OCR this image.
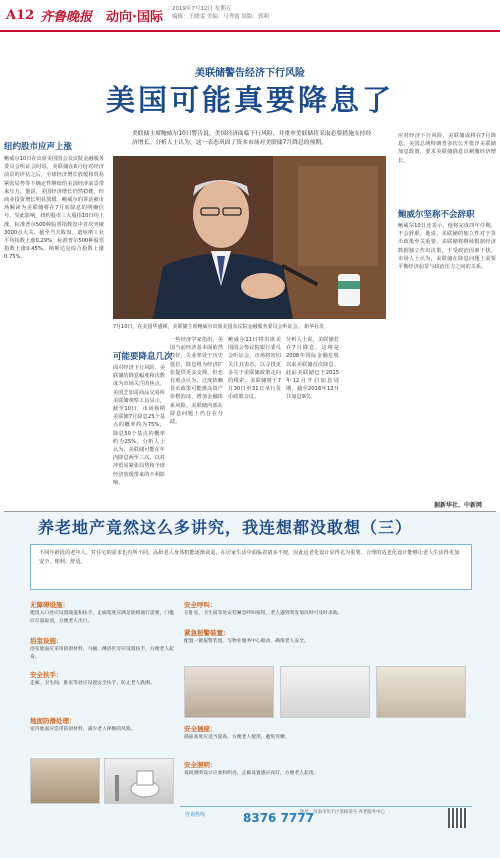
A12 齐鲁晚报 动向·国际
2019年7月12日 星期五
编辑：王晓雯 美编：马秀霞 组版：郭莉
美联储警告经济下行风险
美国可能真要降息了
美联储主席鲍威尔10日警告说，美国经济面临下行风险，并重申美联储将采取必要措施支持经济增长。分析人士认为，这一表态巩固了资本市场对美联储7月降息的预期。
纽约股市应声上涨
鲍威尔10日在出席美国国会众议院金融服务委员会听证会时说，美联储在6月份对经济前景的评估之后，全球经济增长放缓和贸易紧张局势等不确定性继续给美国经济前景带来压力。他说，美国经济增长仍然稳健，但商业投资增长明显放缓。鲍威尔的讲话被市场解读为美联储将在7月底降息的明确信号。受此影响，纽约股市三大股指10日均上涨，标准普尔500种股票指数盘中首次突破3000点大关。截至当天收盘，道琼斯工业平均指数上涨0.29%，标准普尔500种股票指数上涨0.45%，纳斯达克综合指数上涨0.75%。
7月10日，在美国华盛顿，美联储主席鲍威尔出席美国众议院金融服务委员会听证会。 新华社发
可能要降息几次
面对经济下行风险，美联储的降息幅度和次数成为市场关注的焦点。美国芝加哥商品交易所美联储观察工具显示，截至10日，市场预期美联储7月降息25个基点的概率约为75%，降息50个基点的概率约为25%。分析人士认为，美联储可能在年内降息两至三次，以对冲贸易紧张局势和全球经济放缓带来的不利影响。
一些经济学家指出，美国当前经济基本面依然较好，失业率处于历史低位，降息将为经济扩张提供更多支撑。但也有观点认为，过度依赖货币政策可能推高资产价格泡沫，增加金融体系风险。美联储内部在降息问题上仍存在分歧。
鲍威尔11日将出席美国国会参议院银行委员会听证会。市场将密切关注其表态，以寻找更多关于美联储政策走向的线索。美联储将于7月30日至31日举行货币政策会议。
分析人士说，美联储若在7月降息，这将是2008年国际金融危机以来美联储首次降息。此前美联储已于2015年12月开启加息周期，截至2018年12月共加息9次。
应对经济下行风险，美联储或将在7月降息。美国总统特朗普多次公开批评美联储加息政策，要求美联储降息以刺激经济增长。
鲍威尔坚称不会辞职
鲍威尔10日还表示，他将完成四年任期，不会辞职。他说，美联储的独立性对于货币政策至关重要，美联储将继续根据经济数据独立作出决策，不受政治因素干扰。市场人士认为，美联储在降息问题上需要平衡经济前景与政治压力之间的关系。
据新华社、中新网
养老地产竟然这么多讲究，我连想都没敢想（三）
不同年龄段的老年人，对住宅的需求也有所不同。高龄老人身体机能逐渐衰退，在居家生活中面临着诸多不便，因此适老化设计显得尤为重要。合理的适老化设计能够让老人生活得更加安全、便利、舒适。
无障碍设施：
建筑入口处应设置坡道和扶手，走廊宽度应满足轮椅通行需要，门槛应尽量取消，方便老人出行。
浴室设施：
浴室地面应采用防滑材料，马桶、淋浴区旁应设置扶手，方便老人起身。
安全扶手：
走廊、卫生间、卧室等处应设置安全扶手，防止老人跌倒。
地面防滑处理：
室内地面应选用防滑材料，减少老人摔倒的风险。
安全呼叫：
在卧室、卫生间等处安装紧急呼叫按钮，老人遇到突发情况时可及时求助。
紧急报警装置：
配置一键报警装置，与物业服务中心联动，确保老人安全。
安全插座：
插座高度应适当提高，方便老人使用，避免弯腰。
安全照明：
夜间照明设计应柔和明亮，走廊设置感应夜灯，方便老人起夜。
咨询热线	8376 7777
地址：济南市历下区某路某号 养老服务中心
